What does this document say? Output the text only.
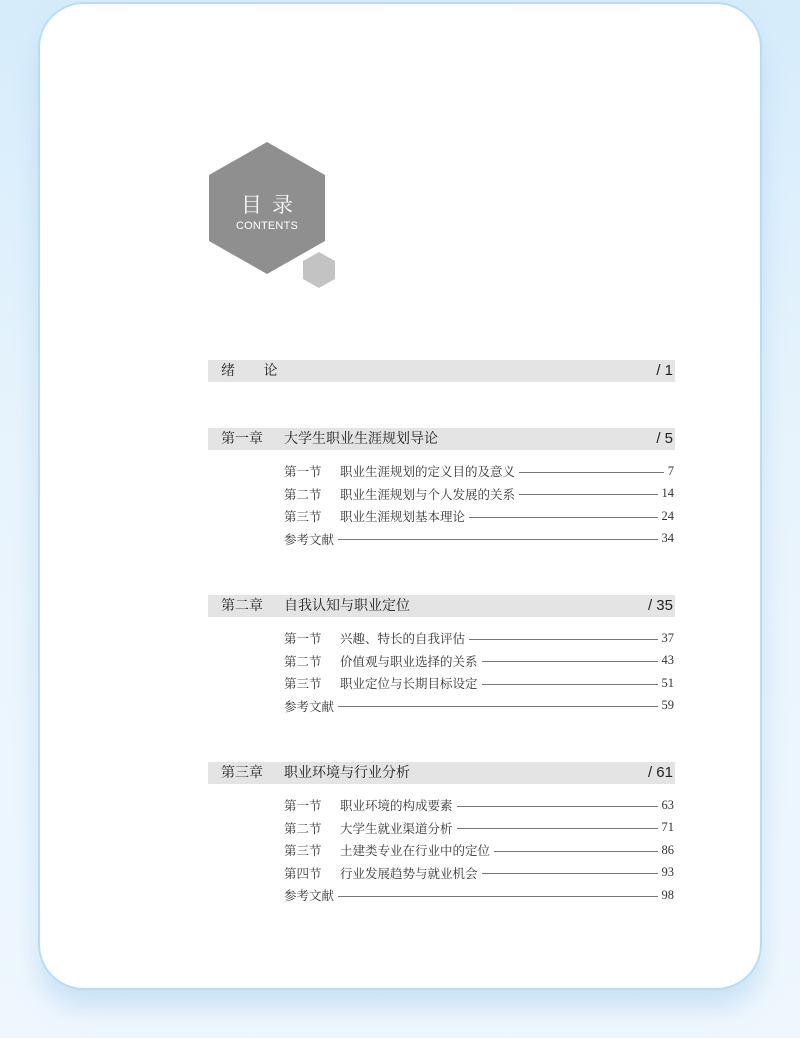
目录
CONTENTS
绪 论	/ 1
第一章 大学生职业生涯规划导论	/ 5
第一节	职业生涯规划的定义目的及意义	7
第二节	职业生涯规划与个人发展的关系	14
第三节	职业生涯规划基本理论	24
参考文献	34
第二章 自我认知与职业定位	/ 35
第一节	兴趣、特长的自我评估	37
第二节	价值观与职业选择的关系	43
第三节	职业定位与长期目标设定	51
参考文献	59
第三章 职业环境与行业分析	/ 61
第一节	职业环境的构成要素	63
第二节	大学生就业渠道分析	71
第三节	土建类专业在行业中的定位	86
第四节	行业发展趋势与就业机会	93
参考文献	98
